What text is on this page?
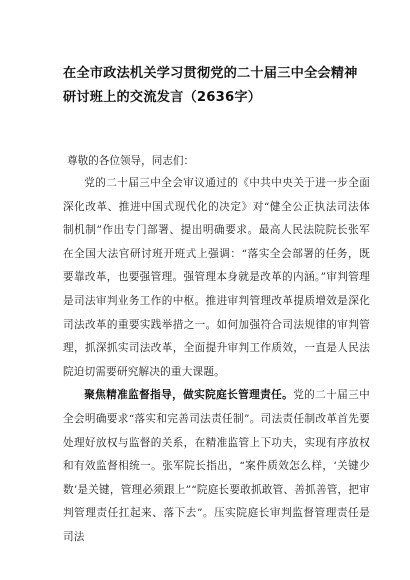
在全市政法机关学习贯彻党的二十届三中全会精神研讨班上的交流发言（2636字）

尊敬的各位领导，同志们：

党的二十届三中全会审议通过的《中共中央关于进一步全面深化改革、推进中国式现代化的决定》对“健全公正执法司法体制机制”作出专门部署、提出明确要求。最高人民法院院长张军在全国大法官研讨班开班式上强调：“落实全会部署的任务，既要靠改革，也要强管理。强管理本身就是改革的内涵。”审判管理是司法审判业务工作的中枢。推进审判管理改革提质增效是深化司法改革的重要实践举措之一。如何加强符合司法规律的审判管理，抓深抓实司法改革，全面提升审判工作质效，一直是人民法院迫切需要研究解决的重大课题。

聚焦精准监督指导，做实院庭长管理责任。党的二十届三中全会明确要求“落实和完善司法责任制”。司法责任制改革首先要处理好放权与监督的关系，在精准监管上下功夫，实现有序放权和有效监督相统一。张军院长指出，“案件质效怎么样，‘关键少数’是关键，管理必须跟上”“院庭长要敢抓敢管、善抓善管，把审判管理责任扛起来、落下去”。压实院庭长审判监督管理责任是司法
